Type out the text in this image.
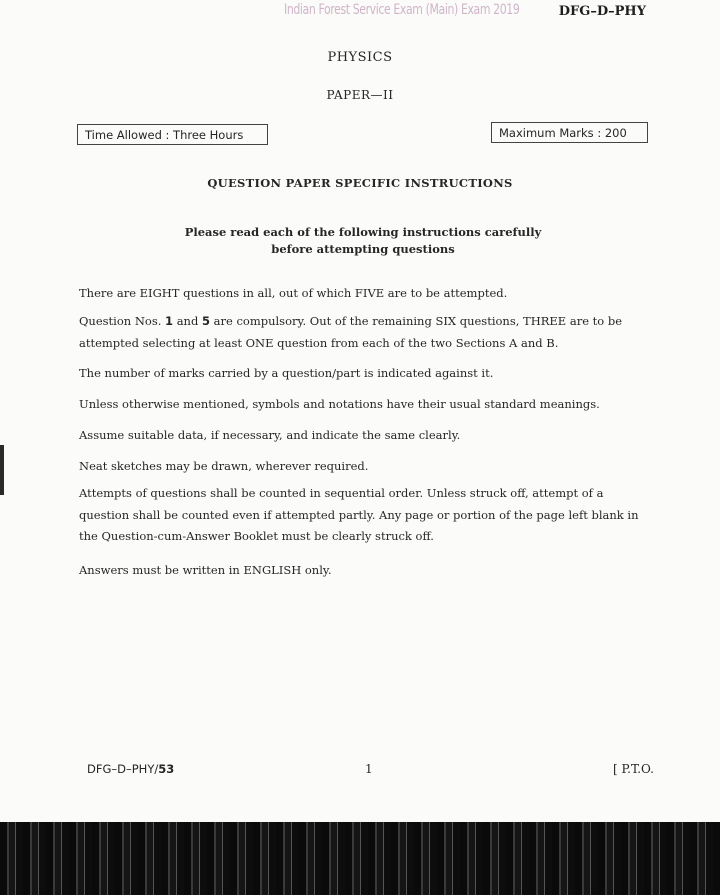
Indian Forest Service Exam (Main) Exam 2019	DFG–D–PHY
PHYSICS
PAPER—II
Time Allowed : Three Hours	Maximum Marks : 200
QUESTION PAPER SPECIFIC INSTRUCTIONS
Please read each of the following instructions carefully
before attempting questions

There are EIGHT questions in all, out of which FIVE are to be attempted.

Question Nos. 1 and 5 are compulsory. Out of the remaining SIX questions, THREE are to be attempted selecting at least ONE question from each of the two Sections A and B.

The number of marks carried by a question/part is indicated against it.

Unless otherwise mentioned, symbols and notations have their usual standard meanings.

Assume suitable data, if necessary, and indicate the same clearly.

Neat sketches may be drawn, wherever required.

Attempts of questions shall be counted in sequential order. Unless struck off, attempt of a question shall be counted even if attempted partly. Any page or portion of the page left blank in the Question-cum-Answer Booklet must be clearly struck off.

Answers must be written in ENGLISH only.

DFG–D–PHY/53	1	[ P.T.O.
